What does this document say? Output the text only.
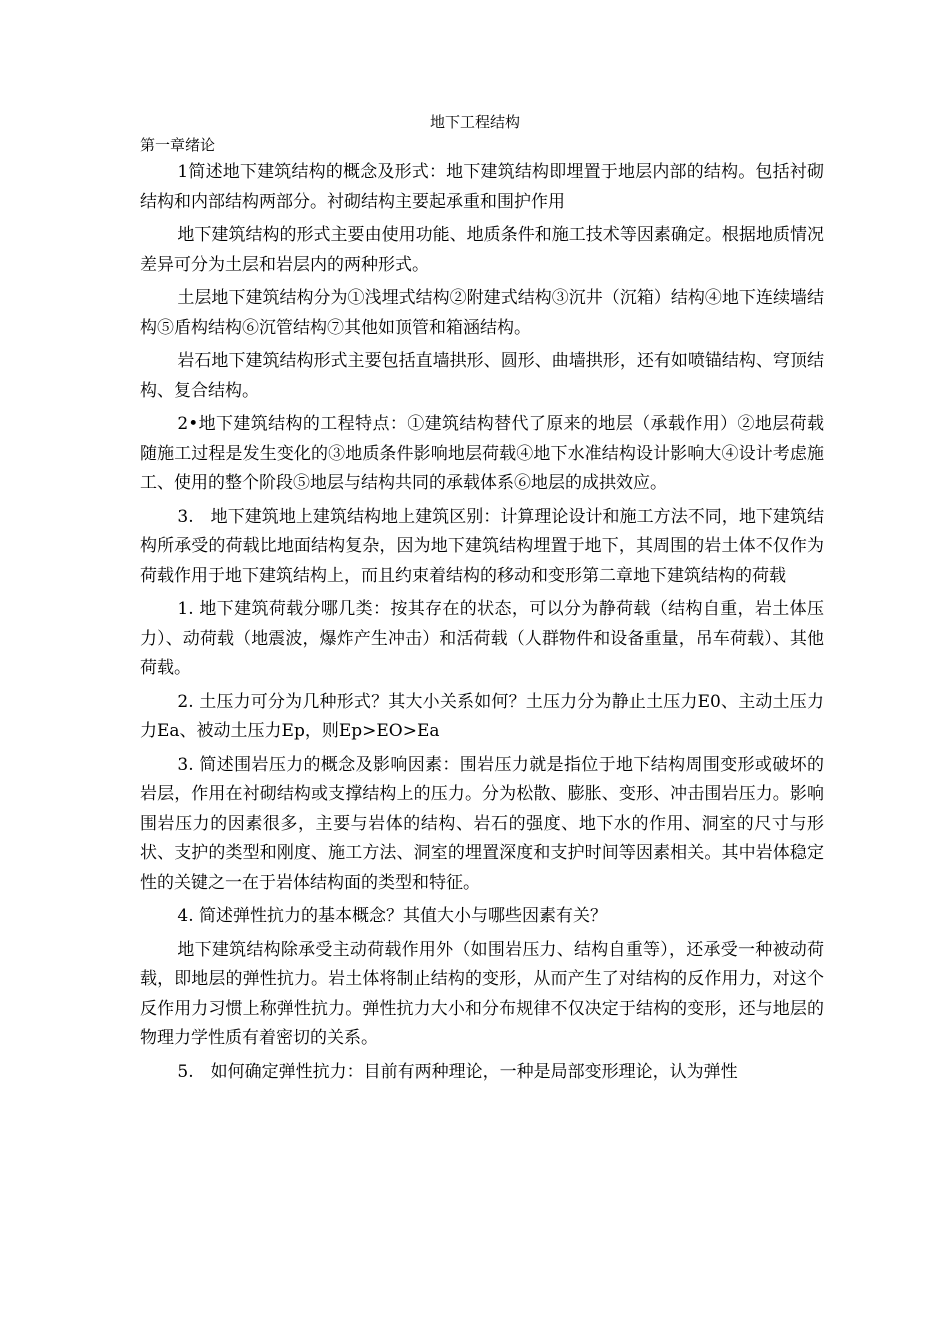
地下工程结构
第一章绪论

1简述地下建筑结构的概念及形式：地下建筑结构即埋置于地层内部的结构。包括衬砌结构和内部结构两部分。衬砌结构主要起承重和围护作用

地下建筑结构的形式主要由使用功能、地质条件和施工技术等因素确定。根据地质情况差异可分为土层和岩层内的两种形式。

土层地下建筑结构分为①浅埋式结构②附建式结构③沉井（沉箱）结构④地下连续墙结构⑤盾构结构⑥沉管结构⑦其他如顶管和箱涵结构。

岩石地下建筑结构形式主要包括直墙拱形、圆形、曲墙拱形，还有如喷锚结构、穹顶结构、复合结构。

2•地下建筑结构的工程特点：①建筑结构替代了原来的地层（承载作用）②地层荷载随施工过程是发生变化的③地质条件影响地层荷载④地下水准结构设计影响大④设计考虑施工、使用的整个阶段⑤地层与结构共同的承载体系⑥地层的成拱效应。

3.　地下建筑地上建筑结构地上建筑区别：计算理论设计和施工方法不同，地下建筑结构所承受的荷载比地面结构复杂，因为地下建筑结构埋置于地下，其周围的岩土体不仅作为荷载作用于地下建筑结构上，而且约束着结构的移动和变形第二章地下建筑结构的荷载

1. 地下建筑荷载分哪几类：按其存在的状态，可以分为静荷载（结构自重，岩土体压力）、动荷载（地震波，爆炸产生冲击）和活荷载（人群物件和设备重量，吊车荷载）、其他荷载。

2. 土压力可分为几种形式？其大小关系如何？土压力分为静止土压力E0、主动土压力力Ea、被动土压力Ep，则Ep>EO>Ea

3. 简述围岩压力的概念及影响因素：围岩压力就是指位于地下结构周围变形或破坏的岩层，作用在衬砌结构或支撑结构上的压力。分为松散、膨胀、变形、冲击围岩压力。影响围岩压力的因素很多，主要与岩体的结构、岩石的强度、地下水的作用、洞室的尺寸与形状、支护的类型和刚度、施工方法、洞室的埋置深度和支护时间等因素相关。其中岩体稳定性的关键之一在于岩体结构面的类型和特征。

4. 简述弹性抗力的基本概念？其值大小与哪些因素有关？

地下建筑结构除承受主动荷载作用外（如围岩压力、结构自重等），还承受一种被动荷载，即地层的弹性抗力。岩土体将制止结构的变形，从而产生了对结构的反作用力，对这个反作用力习惯上称弹性抗力。弹性抗力大小和分布规律不仅决定于结构的变形，还与地层的物理力学性质有着密切的关系。

5.　如何确定弹性抗力：目前有两种理论，一种是局部变形理论，认为弹性
